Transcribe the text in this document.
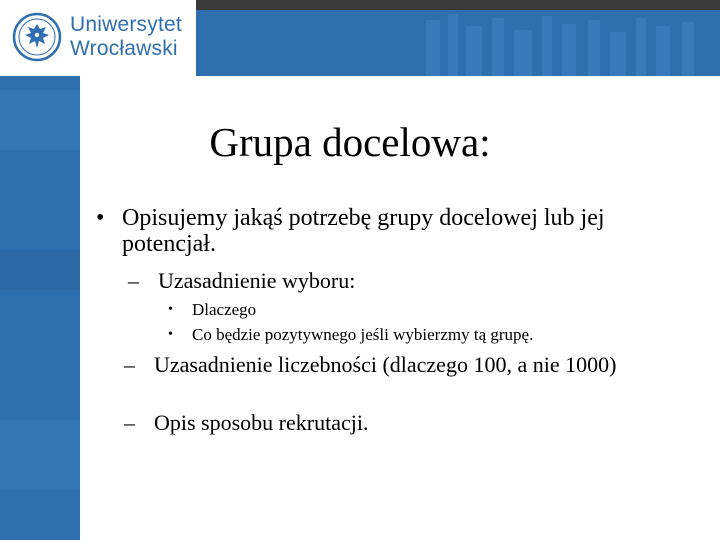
Uniwersytet
Wrocławski
Grupa docelowa:
• Opisujemy jakąś potrzebę grupy docelowej lub jej potencjał.
– Uzasadnienie wyboru:
• Dlaczego
• Co będzie pozytywnego jeśli wybierzmy tą grupę.
– Uzasadnienie liczebności (dlaczego 100, a nie 1000)
– Opis sposobu rekrutacji.
